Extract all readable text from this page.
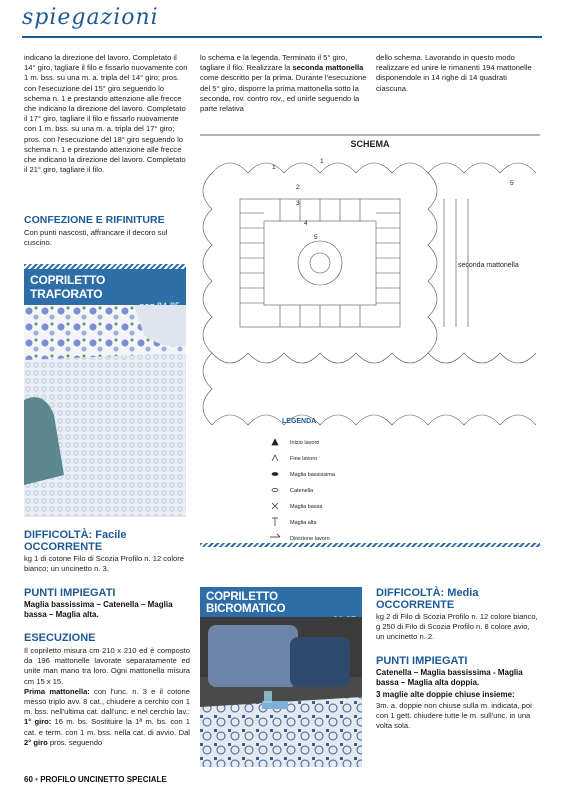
spiegazioni
indicano la direzione del lavoro. Completato il 14° giro, tagliare il filo e fissarlo nuovamente con 1 m. bss. su una m. a. tripla del 14° giro; pros. con l'esecuzione del 15° giro seguendo lo schema n. 1 e prestando attenzione alle frecce che indicano la direzione del lavoro. Completato il 17° giro, tagliare il filo e fissarlo nuovamente con 1 m. bss. su una m. a. tripla del 17° giro; pros. con l'esecuzione del 18° giro seguendo lo schema n. 1 e prestando attenzione alle frecce che indicano la direzione del lavoro. Completato il 21° giro, tagliare il filo.
CONFEZIONE E RIFINITURE
Con punti nascosti, affrancare il decoro sul cuscino.
lo schema e la legenda. Terminato il 5° giro, tagliare il filo. Realizzare la seconda mattonella come descritto per la prima. Durante l'esecuzione del 5° giro, disporre la prima mattonella sotto la seconda, rov. contro rov., ed unirle seguendo la parte relativa
dello schema. Lavorando in questo modo realizzare ed unire le rimanenti 194 mattonelle disponendole in 14 righe di 14 quadrati ciascuna.
COPRILETTO TRAFORATO
DIFFICOLTÀ: Facile
OCCORRENTE
kg 1 di cotone Filo di Scozia Profilo n. 12 colore bianco; un uncinetto n. 3.
PUNTI IMPIEGATI
Maglia bassissima – Catenella – Maglia bassa – Maglia alta.
ESECUZIONE
Il copriletto misura cm 210 x 210 ed è composto da 196 mattonelle lavorate separatamente ed unite man mano tra loro. Ogni mattonella misura cm 15 x 15.
Prima mattonella: con l'unc. n. 3 e il cotone messo triplo avv. 8 cat., chiudere a cerchio con 1 m. bss. nell'ultima cat. dall'unc. e nel cerchio lav.: 1° giro: 16 m. bs. Sostituire la 1ª m. bs. con 1 cat. e term. con 1 m. bss. nella cat. di avvio. Dal 2° giro pros. seguendo
SCHEMA
1
2
3
4
5
1
5
seconda mattonella
LEGENDA
Inizio lavoro
Fine lavoro
Maglia bassissima
Catenella
Maglia bassa
Maglia alta
Direzione lavoro
COPRILETTO BICROMATICO
DIFFICOLTÀ: Media
OCCORRENTE
kg 2 di Filo di Scozia Profilo n. 12 colore bianco, g 250 di Filo di Scozia Profilo n. 8 colore avio, un uncinetto n. 2.
PUNTI IMPIEGATI
Catenella – Maglia bassissima - Maglia bassa – Maglia alta doppia.
3 maglie alte doppie chiuse insieme:
3m. a. doppie non chiuse sulla m. indicata, poi con 1 gett. chiudere tutte le m. sull'unc. in una volta sola.
60 • PROFILO UNCINETTO SPECIALE
